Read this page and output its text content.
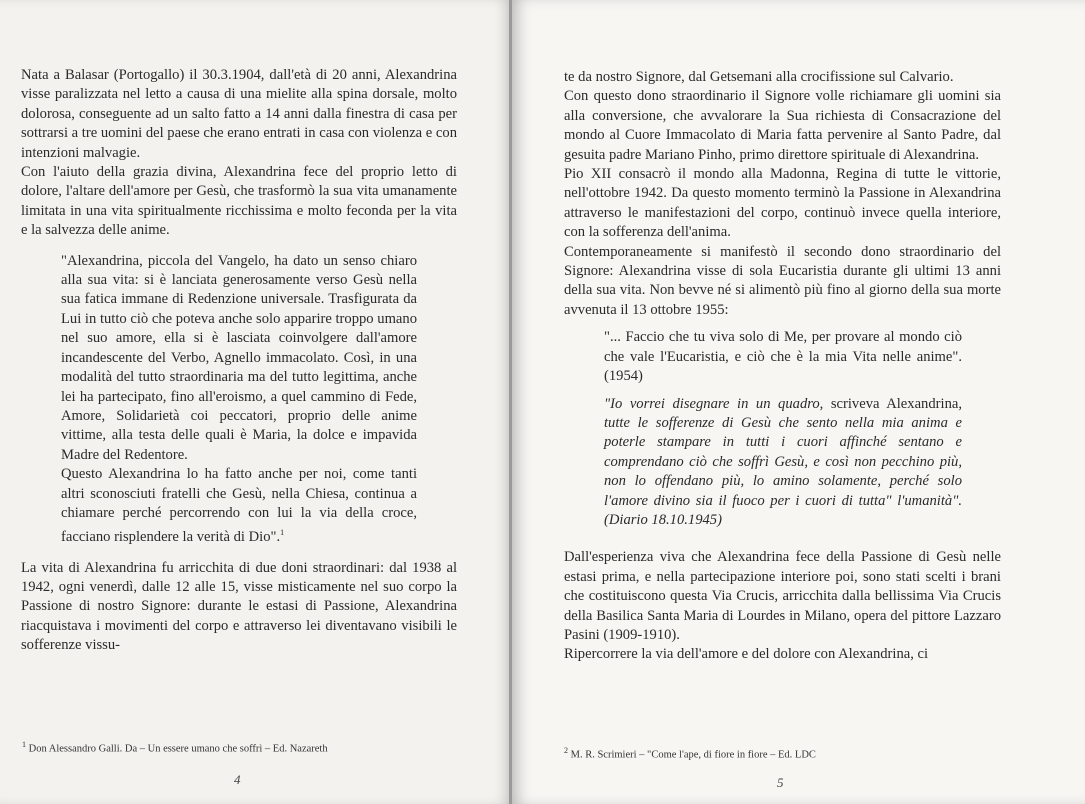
Nata a Balasar (Portogallo) il 30.3.1904, dall'età di 20 anni, Alexandrina visse paralizzata nel letto a causa di una mielite alla spina dorsale, molto dolorosa, conseguente ad un salto fatto a 14 anni dalla finestra di casa per sottrarsi a tre uomini del paese che erano entrati in casa con violenza e con intenzioni malvagie.

Con l'aiuto della grazia divina, Alexandrina fece del proprio letto di dolore, l'altare dell'amore per Gesù, che trasformò la sua vita umanamente limitata in una vita spiritualmente ricchissima e molto feconda per la vita e la salvezza delle anime.

"Alexandrina, piccola del Vangelo, ha dato un senso chiaro alla sua vita: si è lanciata generosamente verso Gesù nella sua fatica immane di Redenzione universale. Trasfigurata da Lui in tutto ciò che poteva anche solo apparire troppo umano nel suo amore, ella si è lasciata coinvolgere dall'amore incandescente del Verbo, Agnello immacolato. Così, in una modalità del tutto straordinaria ma del tutto legittima, anche lei ha partecipato, fino all'eroismo, a quel cammino di Fede, Amore, Solidarietà coi peccatori, proprio delle anime vittime, alla testa delle quali è Maria, la dolce e impavida Madre del Redentore.

Questo Alexandrina lo ha fatto anche per noi, come tanti altri sconosciuti fratelli che Gesù, nella Chiesa, continua a chiamare perché percorrendo con lui la via della croce, facciano risplendere la verità di Dio".$^1$

La vita di Alexandrina fu arricchita di due doni straordinari: dal 1938 al 1942, ogni venerdì, dalle 12 alle 15, visse misticamente nel suo corpo la Passione di nostro Signore: durante le estasi di Passione, Alexandrina riacquistava i movimenti del corpo e attraverso lei diventavano visibili le sofferenze vissu-

$^1$ Don Alessandro Galli. Da – Un essere umano che soffrì – Ed. Nazareth
4

te da nostro Signore, dal Getsemani alla crocifissione sul Calvario.

Con questo dono straordinario il Signore volle richiamare gli uomini sia alla conversione, che avvalorare la Sua richiesta di Consacrazione del mondo al Cuore Immacolato di Maria fatta pervenire al Santo Padre, dal gesuita padre Mariano Pinho, primo direttore spirituale di Alexandrina.

Pio XII consacrò il mondo alla Madonna, Regina di tutte le vittorie, nell'ottobre 1942. Da questo momento terminò la Passione in Alexandrina attraverso le manifestazioni del corpo, continuò invece quella interiore, con la sofferenza dell'anima.

Contemporaneamente si manifestò il secondo dono straordinario del Signore: Alexandrina visse di sola Eucaristia durante gli ultimi 13 anni della sua vita. Non bevve né si alimentò più fino al giorno della sua morte avvenuta il 13 ottobre 1955:

"... Faccio che tu viva solo di Me, per provare al mondo ciò che vale l'Eucaristia, e ciò che è la mia Vita nelle anime". (1954)

"Io vorrei disegnare in un quadro, scriveva Alexandrina, tutte le sofferenze di Gesù che sento nella mia anima e poterle stampare in tutti i cuori affinché sentano e comprendano ciò che soffrì Gesù, e così non pecchino più, non lo offendano più, lo amino solamente, perché solo l'amore divino sia il fuoco per i cuori di tutta" l'umanità". (Diario 18.10.1945)

Dall'esperienza viva che Alexandrina fece della Passione di Gesù nelle estasi prima, e nella partecipazione interiore poi, sono stati scelti i brani che costituiscono questa Via Crucis, arricchita dalla bellissima Via Crucis della Basilica Santa Maria di Lourdes in Milano, opera del pittore Lazzaro Pasini (1909-1910).

Ripercorrere la via dell'amore e del dolore con Alexandrina, ci

$^2$ M. R. Scrimieri – "Come l'ape, di fiore in fiore – Ed. LDC
5
